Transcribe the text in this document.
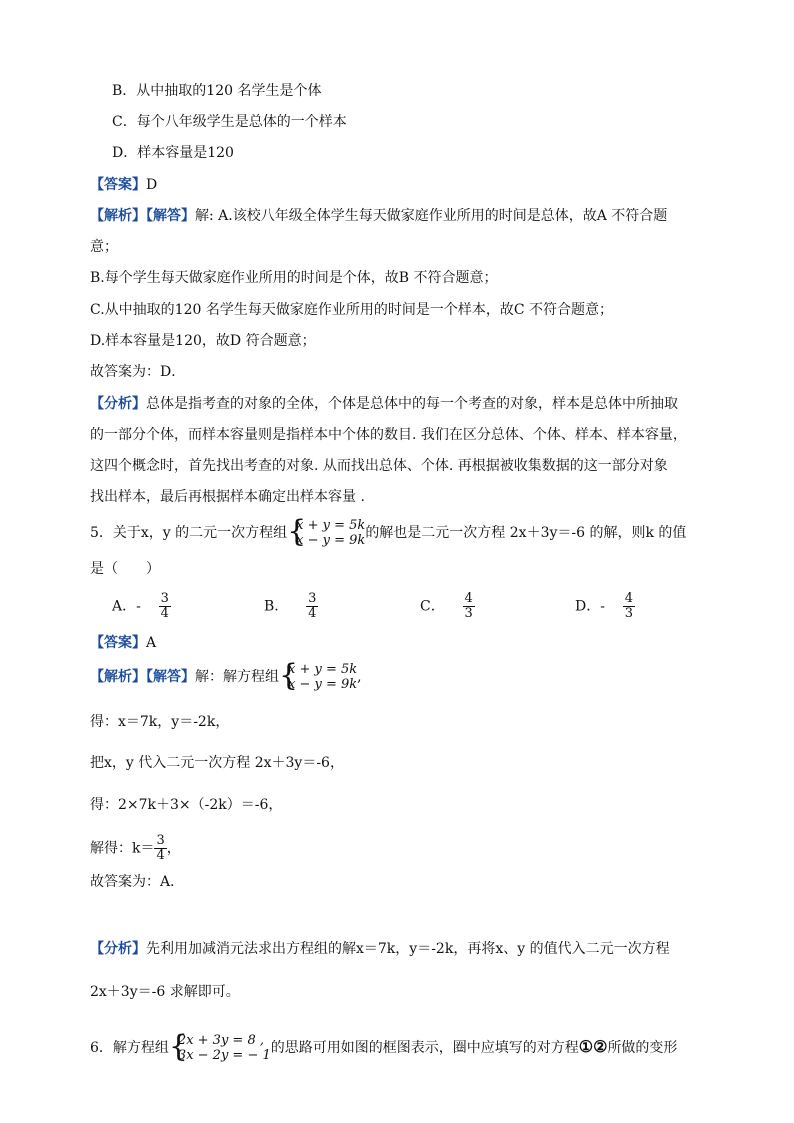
B．从中抽取的120 名学生是个体
C．每个八年级学生是总体的一个样本
D．样本容量是120
【答案】D
【解析】【解答】解: A.该校八年级全体学生每天做家庭作业所用的时间是总体，故A 不符合题
意；
B.每个学生每天做家庭作业所用的时间是个体，故B 不符合题意；
C.从中抽取的120 名学生每天做家庭作业所用的时间是一个样本，故C 不符合题意；
D.样本容量是120，故D 符合题意；
故答案为：D．
【分析】总体是指考查的对象的全体，个体是总体中的每一个考查的对象，样本是总体中所抽取
的一部分个体，而样本容量则是指样本中个体的数目. 我们在区分总体、个体、样本、样本容量，
这四个概念时，首先找出考查的对象. 从而找出总体、个体. 再根据被收集数据的这一部分对象
找出样本，最后再根据样本确定出样本容量 .
5．关于x，y 的二元一次方程组 { x + y = 5k
x − y = 9k 的解也是二元一次方程 2x＋3y＝-6 的解，则k 的值
是（　　）
A．- $\frac{3}{4}$	B． $\frac{3}{4}$	C． $\frac{4}{3}$	D．- $\frac{4}{3}$
【答案】A
【解析】【解答】解：解方程组 { x + y = 5k
x − y = 9k ,
得：x＝7k，y＝-2k，
把x，y 代入二元一次方程 2x＋3y＝-6，
得：2×7k＋3×（-2k）＝-6，
解得：$k= \frac{3}{4}$ ，
故答案为：A．
【分析】先利用加减消元法求出方程组的解x＝7k，y＝-2k，再将x、y 的值代入二元一次方程
2x＋3y＝-6 求解即可。
6．解方程组 { 2x + 3y = 8 ,
3x − 2y = − 1 的思路可用如图的框图表示，圈中应填写的对方程①②所做的变形
